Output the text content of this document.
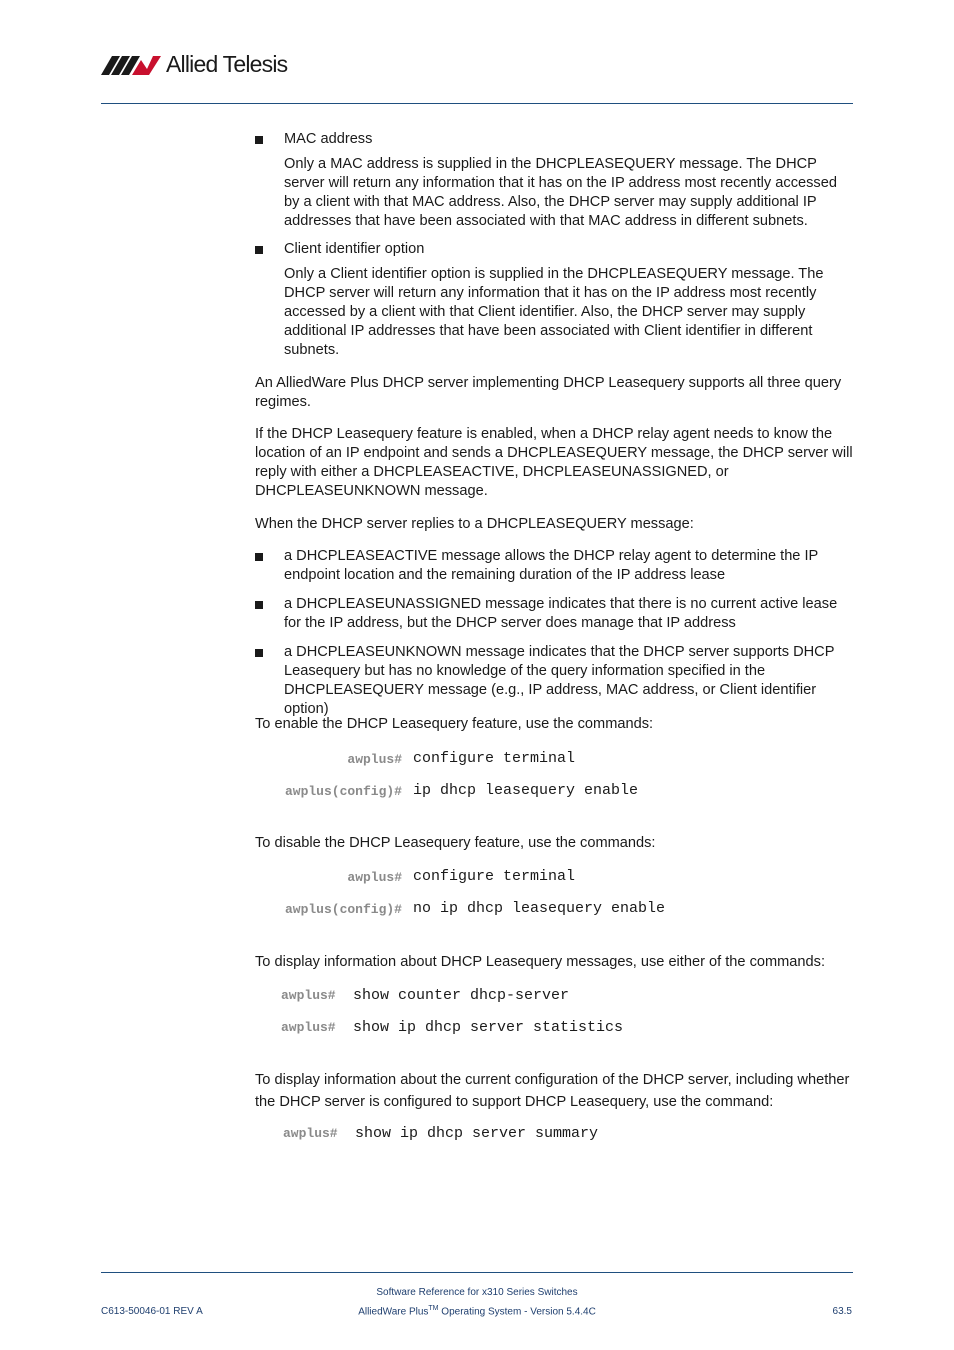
Allied Telesis

MAC address

Only a MAC address is supplied in the DHCPLEASEQUERY message. The DHCP server will return any information that it has on the IP address most recently accessed by a client with that MAC address. Also, the DHCP server may supply additional IP addresses that have been associated with that MAC address in different subnets.

Client identifier option

Only a Client identifier option is supplied in the DHCPLEASEQUERY message. The DHCP server will return any information that it has on the IP address most recently accessed by a client with that Client identifier. Also, the DHCP server may supply additional IP addresses that have been associated with Client identifier in different subnets.

An AlliedWare Plus DHCP server implementing DHCP Leasequery supports all three query regimes.

If the DHCP Leasequery feature is enabled, when a DHCP relay agent needs to know the location of an IP endpoint and sends a DHCPLEASEQUERY message, the DHCP server will reply with either a DHCPLEASEACTIVE, DHCPLEASEUNASSIGNED, or DHCPLEASEUNKNOWN message.

When the DHCP server replies to a DHCPLEASEQUERY message:

a DHCPLEASEACTIVE message allows the DHCP relay agent to determine the IP endpoint location and the remaining duration of the IP address lease

a DHCPLEASEUNASSIGNED message indicates that there is no current active lease for the IP address, but the DHCP server does manage that IP address

a DHCPLEASEUNKNOWN message indicates that the DHCP server supports DHCP Leasequery but has no knowledge of the query information specified in the DHCPLEASEQUERY message (e.g., IP address, MAC address, or Client identifier option)

To enable the DHCP Leasequery feature, use the commands:

awplus# configure terminal
awplus(config)# ip dhcp leasequery enable

To disable the DHCP Leasequery feature, use the commands:

awplus# configure terminal
awplus(config)# no ip dhcp leasequery enable

To display information about DHCP Leasequery messages, use either of the commands:

awplus# show counter dhcp-server
awplus# show ip dhcp server statistics

To display information about the current configuration of the DHCP server, including whether the DHCP server is configured to support DHCP Leasequery, use the command:

awplus# show ip dhcp server summary
C613-50046-01 REV A
Software Reference for x310 Series Switches
AlliedWare Plus™ Operating System - Version 5.4.4C	63.5
